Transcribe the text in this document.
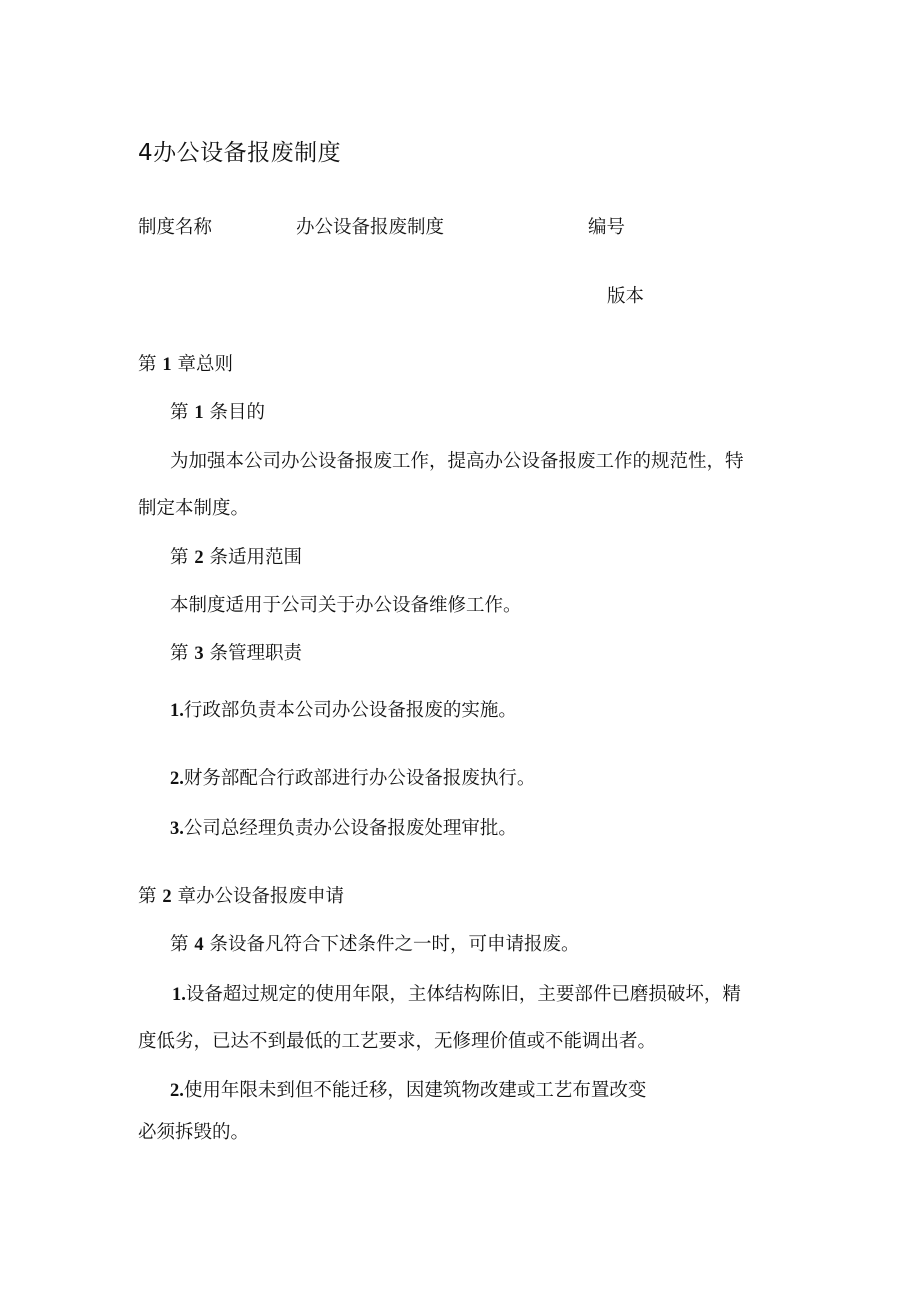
4办公设备报废制度
制度名称	办公设备报废制度	编号
版本
第 1 章总则
第 1 条目的
为加强本公司办公设备报废工作，提高办公设备报废工作的规范性，特
制定本制度。
第 2 条适用范围
本制度适用于公司关于办公设备维修工作。
第 3 条管理职责
1.行政部负责本公司办公设备报废的实施。
2.财务部配合行政部进行办公设备报废执行。
3.公司总经理负责办公设备报废处理审批。
第 2 章办公设备报废申请
第 4 条设备凡符合下述条件之一时，可申请报废。
1.设备超过规定的使用年限，主体结构陈旧，主要部件已磨损破坏，精
度低劣，已达不到最低的工艺要求，无修理价值或不能调出者。
2.使用年限未到但不能迁移，因建筑物改建或工艺布置改变
必须拆毁的。
